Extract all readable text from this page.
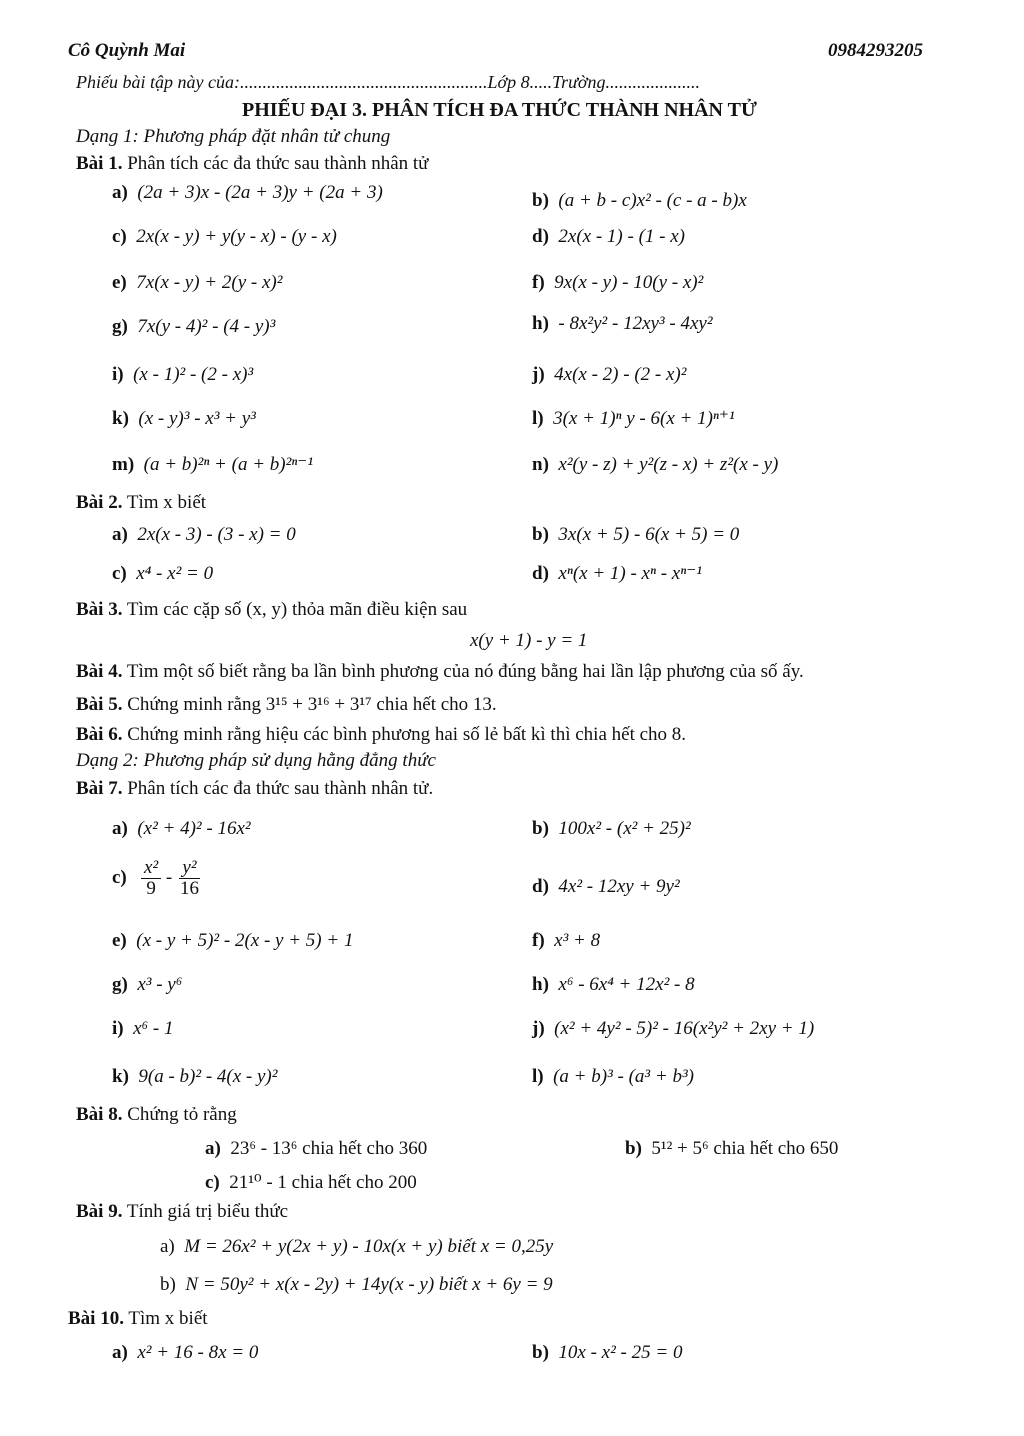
Cô Quỳnh Mai	0984293205
Phiếu bài tập này của:.......................................................Lớp 8.....Trường.....................
PHIẾU ĐẠI 3. PHÂN TÍCH ĐA THỨC THÀNH NHÂN TỬ
Dạng 1: Phương pháp đặt nhân tử chung
Bài 1. Phân tích các đa thức sau thành nhân tử
a) (2a + 3)x - (2a + 3)y + (2a + 3)	b) (a + b - c)x² - (c - a - b)x
c) 2x(x - y) + y(y - x) - (y - x)	d) 2x(x - 1) - (1 - x)
e) 7x(x - y) + 2(y - x)²	f) 9x(x - y) - 10(y - x)²
g) 7x(y - 4)² - (4 - y)³	h) - 8x²y² - 12xy³ - 4xy²
i) (x - 1)² - (2 - x)³	j) 4x(x - 2) - (2 - x)²
k) (x - y)³ - x³ + y³	l) 3(x + 1)ⁿ y - 6(x + 1)ⁿ⁺¹
m) (a + b)²ⁿ + (a + b)²ⁿ⁻¹	n) x²(y - z) + y²(z - x) + z²(x - y)
Bài 2. Tìm x biết
a) 2x(x - 3) - (3 - x) = 0	b) 3x(x + 5) - 6(x + 5) = 0
c) x⁴ - x² = 0	d) xⁿ(x + 1) - xⁿ - xⁿ⁻¹
Bài 3. Tìm các cặp số (x, y) thỏa mãn điều kiện sau
x(y + 1) - y = 1
Bài 4. Tìm một số biết rằng ba lần bình phương của nó đúng bằng hai lần lập phương của số ấy.
Bài 5. Chứng minh rằng 3¹⁵ + 3¹⁶ + 3¹⁷ chia hết cho 13.
Bài 6. Chứng minh rằng hiệu các bình phương hai số lẻ bất kì thì chia hết cho 8.
Dạng 2: Phương pháp sử dụng hằng đẳng thức
Bài 7. Phân tích các đa thức sau thành nhân tử.
a) (x² + 4)² - 16x²	b) 100x² - (x² + 25)²
$c) \frac{\text{x²}}{9} - \frac{\text{y²}}{16}$	d) 4x² - 12xy + 9y²
e) (x - y + 5)² - 2(x - y + 5) + 1	f) x³ + 8
g) x³ - y⁶	h) x⁶ - 6x⁴ + 12x² - 8
i) x⁶ - 1	j) (x² + 4y² - 5)² - 16(x²y² + 2xy + 1)
k) 9(a - b)² - 4(x - y)²	l) (a + b)³ - (a³ + b³)
Bài 8. Chứng tỏ rằng
a) 23⁶ - 13⁶ chia hết cho 360	b) 5¹² + 5⁶ chia hết cho 650
c) 21¹⁰ - 1 chia hết cho 200
Bài 9. Tính giá trị biểu thức
a) M = 26x² + y(2x + y) - 10x(x + y) biết x = 0,25y
b) N = 50y² + x(x - 2y) + 14y(x - y) biết x + 6y = 9
Bài 10. Tìm x biết
a) x² + 16 - 8x = 0	b) 10x - x² - 25 = 0
